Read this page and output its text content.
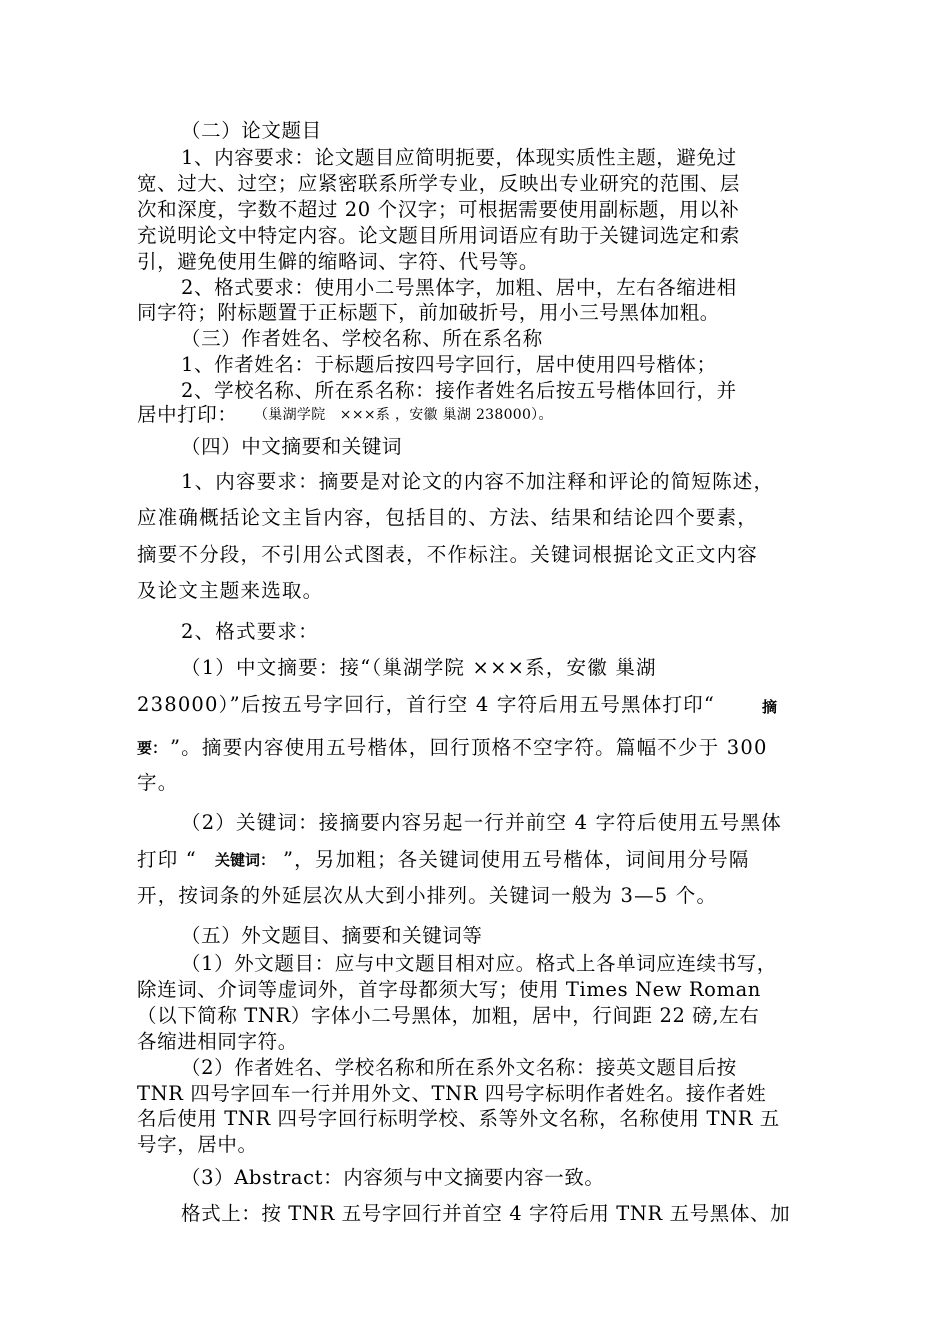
（二）论文题目
1、内容要求：论文题目应简明扼要，体现实质性主题，避免过
宽、过大、过空；应紧密联系所学专业，反映出专业研究的范围、层
次和深度，字数不超过 20 个汉字；可根据需要使用副标题，用以补
充说明论文中特定内容。论文题目所用词语应有助于关键词选定和索
引，避免使用生僻的缩略词、字符、代号等。
2、格式要求：使用小二号黑体字，加粗、居中，左右各缩进相
同字符；附标题置于正标题下，前加破折号，用小三号黑体加粗。
（三）作者姓名、学校名称、所在系名称
1、作者姓名：于标题后按四号字回行，居中使用四号楷体；
2、学校名称、所在系名称：接作者姓名后按五号楷体回行，并
居中打印： （巢湖学院　×××系 ，安徽 巢湖 238000）。
（四）中文摘要和关键词
1、内容要求：摘要是对论文的内容不加注释和评论的简短陈述，
应准确概括论文主旨内容，包括目的、方法、结果和结论四个要素，
摘要不分段，不引用公式图表，不作标注。关键词根据论文正文内容
及论文主题来选取。
2、格式要求：
（1）中文摘要：接“（巢湖学院 ×××系，安徽 巢湖
238000）”后按五号字回行，首行空 4 字符后用五号黑体打印“	摘
要： ”。摘要内容使用五号楷体，回行顶格不空字符。篇幅不少于 300
字。
（2）关键词：接摘要内容另起一行并前空 4 字符后使用五号黑体
打印 “ 关键词： ”，另加粗；各关键词使用五号楷体，词间用分号隔
开，按词条的外延层次从大到小排列。关键词一般为 3—5 个。
（五）外文题目、摘要和关键词等
（1）外文题目：应与中文题目相对应。格式上各单词应连续书写，
除连词、介词等虚词外，首字母都须大写；使用 Times New Roman
（以下简称 TNR）字体小二号黑体，加粗，居中，行间距 22 磅,左右
各缩进相同字符。
（2）作者姓名、学校名称和所在系外文名称：接英文题目后按
TNR 四号字回车一行并用外文、TNR 四号字标明作者姓名。接作者姓
名后使用 TNR 四号字回行标明学校、系等外文名称，名称使用 TNR 五
号字，居中。
（3）Abstract：内容须与中文摘要内容一致。
格式上：按 TNR 五号字回行并首空 4 字符后用 TNR 五号黑体、加
